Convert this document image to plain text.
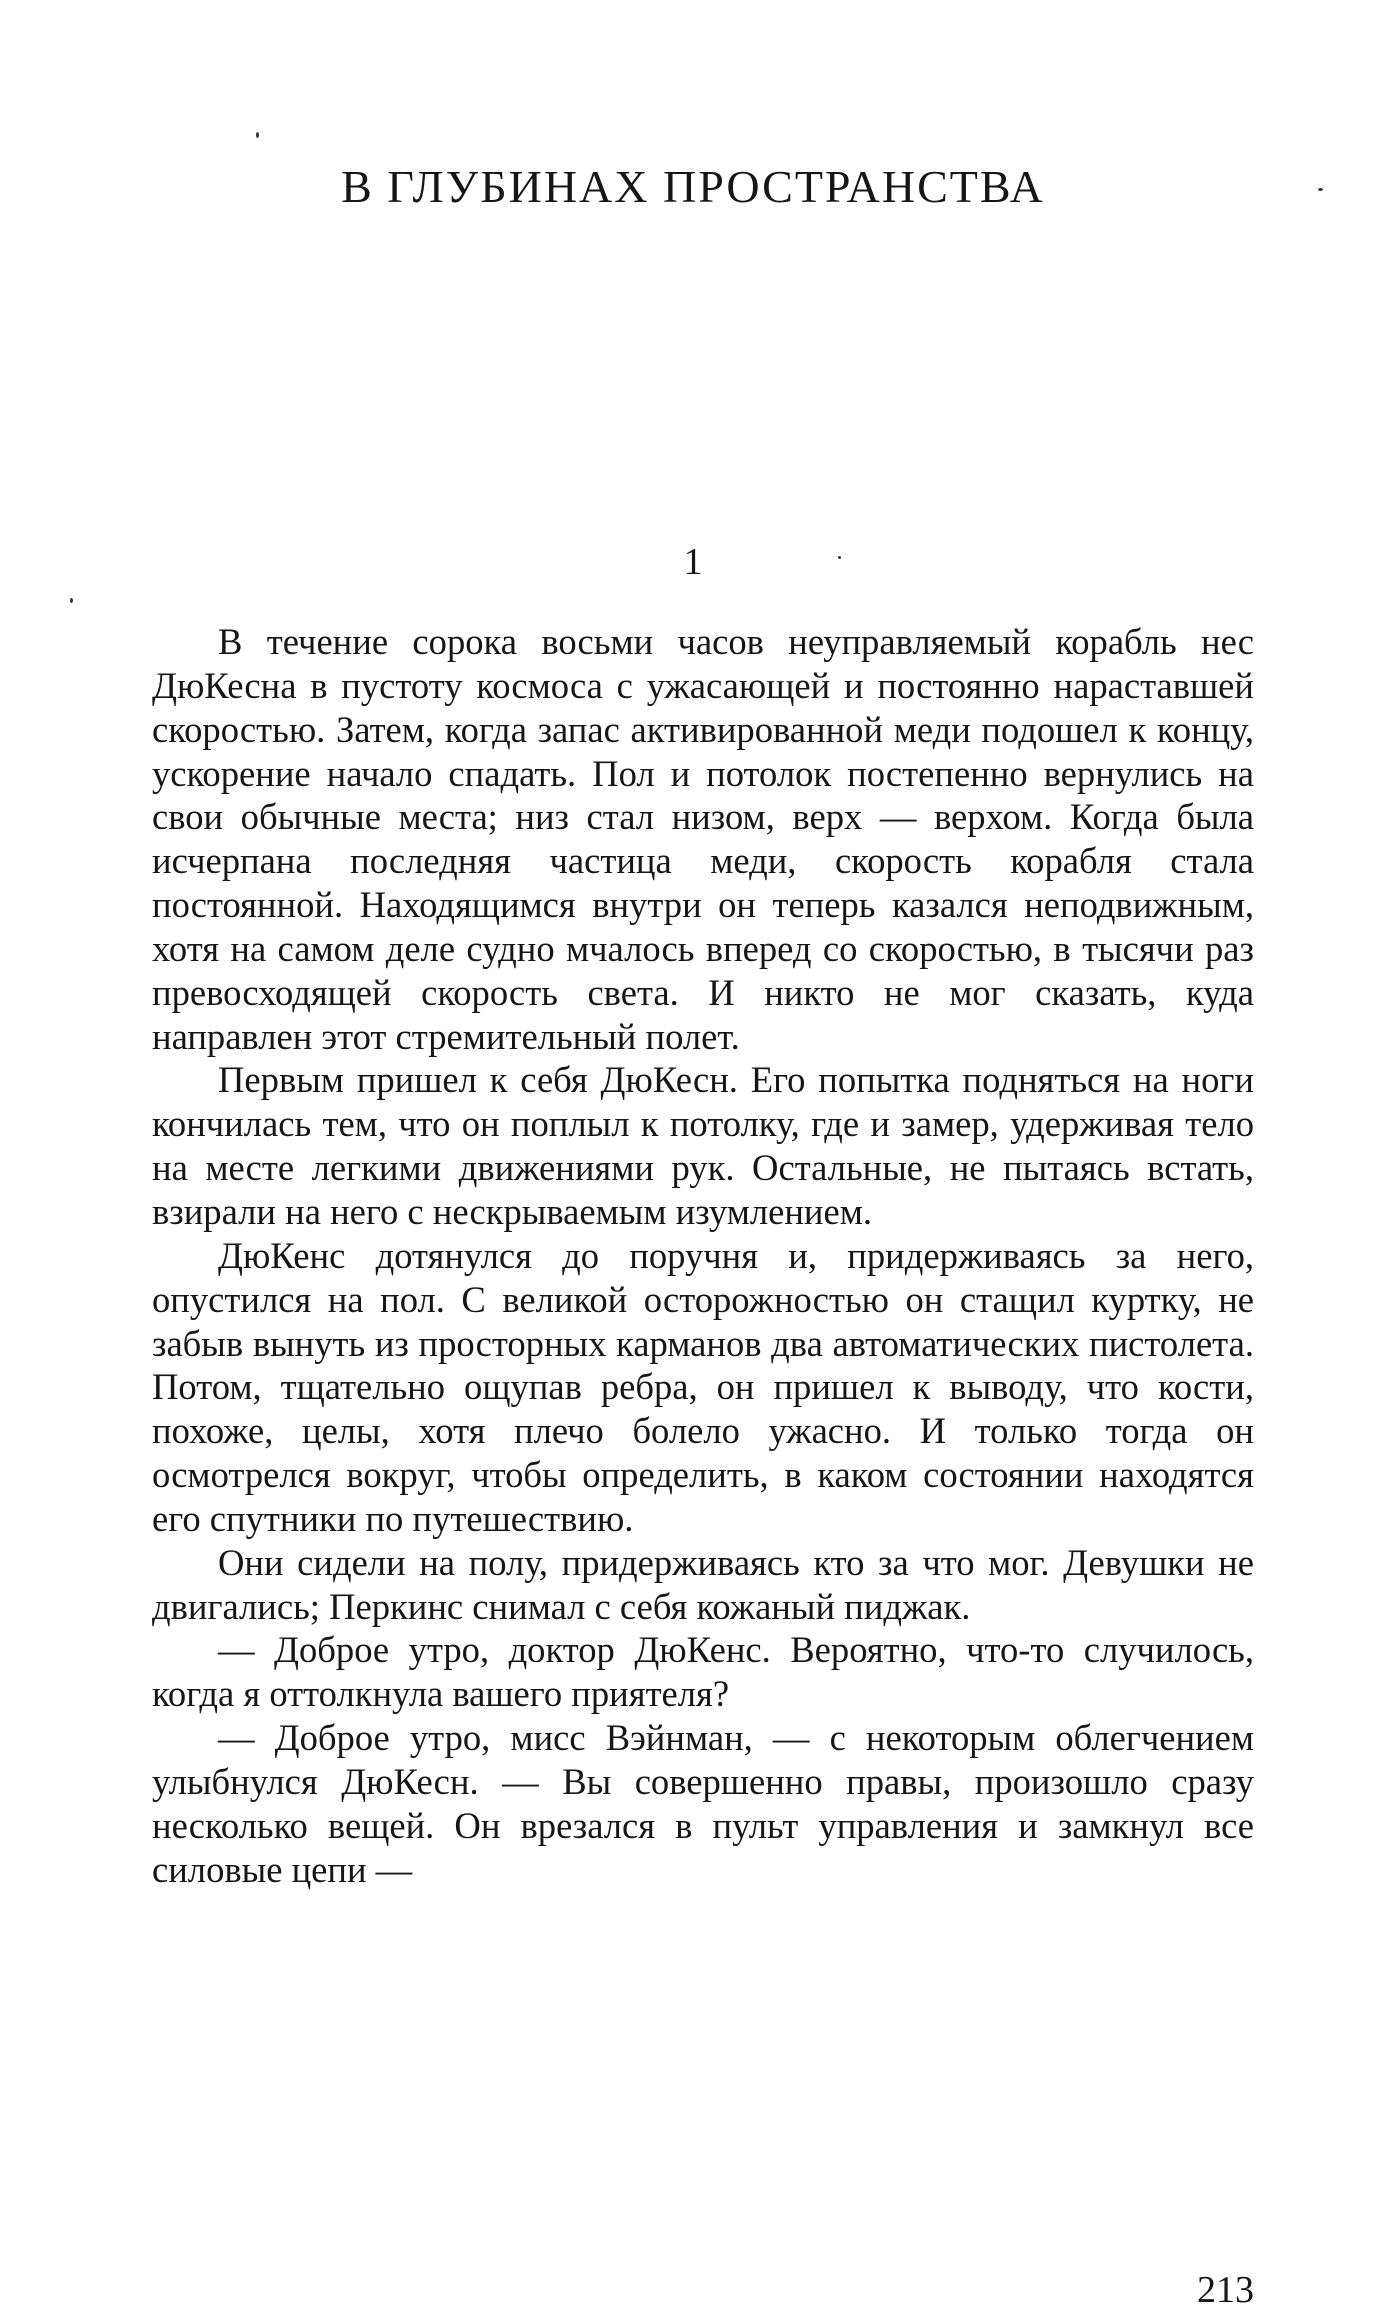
В ГЛУБИНАХ ПРОСТРАНСТВА

1

В течение сорока восьми часов неуправляемый корабль нес ДюКесна в пустоту космоса с ужасающей и постоянно нараставшей скоростью. Затем, когда запас активированной меди подошел к концу, ускорение начало спадать. Пол и потолок постепенно вернулись на свои обычные места; низ стал низом, верх — верхом. Когда была исчерпана последняя частица меди, скорость корабля стала постоянной. Находящимся внутри он теперь казался неподвижным, хотя на самом деле судно мчалось вперед со скоростью, в тысячи раз превосходящей скорость света. И никто не мог сказать, куда направлен этот стремительный полет.

Первым пришел к себя ДюКесн. Его попытка подняться на ноги кончилась тем, что он поплыл к потолку, где и замер, удерживая тело на месте легкими движениями рук. Остальные, не пытаясь встать, взирали на него с нескрываемым изумлением.

ДюКенс дотянулся до поручня и, придерживаясь за него, опустился на пол. С великой осторожностью он стащил куртку, не забыв вынуть из просторных карманов два автоматических пистолета. Потом, тщательно ощупав ребра, он пришел к выводу, что кости, похоже, целы, хотя плечо болело ужасно. И только тогда он осмотрелся вокруг, чтобы определить, в каком состоянии находятся его спутники по путешествию.

Они сидели на полу, придерживаясь кто за что мог. Девушки не двигались; Перкинс снимал с себя кожаный пиджак.

— Доброе утро, доктор ДюКенс. Вероятно, что-то случилось, когда я оттолкнула вашего приятеля?

— Доброе утро, мисс Вэйнман, — с некоторым облегчением улыбнулся ДюКесн. — Вы совершенно правы, произошло сразу несколько вещей. Он врезался в пульт управления и замкнул все силовые цепи —

213
